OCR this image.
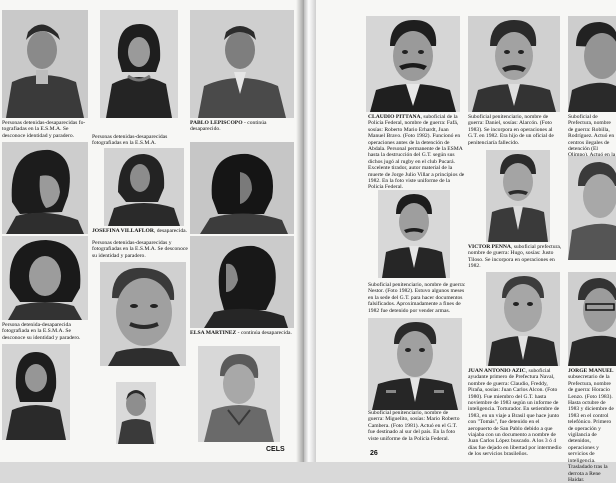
Personas detenidas-desaparecidas fo- tografiadas en la E.S.M.A. Se desconoce identidad y paradero.
PABLO LEPISCOPO - continúa desaparecido.
Personas detenidas-desaparecidas fotografiadas en la E.S.M.A.
JOSEFINA VILLAFLOR, desaparecida.
Personas detenidas-desaparecidas y fotografiadas en la E.S.M.A. Se desconoce su identidad y paradero.
Persona detenida-desaparecida fotografiada en la E.S.M.A. Se desconoce su identidad y paradero.
ELSA MARTINEZ - continúa desaparecida.
CELS
CLAUDIO PITTANA, suboficial de la Policía Federal, nombre de guerra: Fafá, sosías: Roberto Mario Erhardt, Juan Manuel Bravo. (Foto 1982). Funcionó en operaciones antes de la detención de Abdala. Personal permanente de la ESMA hasta la destrucción del G.T. según sus dichos jugó al rugby en el club Pucará. Excelente tirador, autor material de la muerte de Jorge Julio Villar a principios de 1982. En la foto viste uniforme de la Policía Federal.
Suboficial penitenciario, nombre de guerra: Daniel, sosías: Alarcón. (Foto 1983). Se incorpora en operaciones al G.T. en 1982. Era hijo de un oficial de penitenciaría fallecido.
Suboficial de Prefectura, nombre de guerra: Robilla, Rodríguez. Actuó en centros ilegales de detención (El
VICTOR PENNA, suboficial prefectura, nombre de guerra: Hugo, sosías: Justo Tiloso. Se incorpora en operaciones en 1982.
Suboficial penitenciario, nombre de guerra: Nestor. (Foto 1982). Estuvo algunos meses en la sede del G.T. para hacer documentos falsificados. Aproximadamente a fines de 1982 fue detenido por vender armas.
JUAN ANTONIO AZIC, suboficial ayudante primero de Prefectura Naval, nombre de guerra: Claudio, Freddy, Piraña, sosías: Juan Carlos Alcon. (Foto 1980). Fue miembro del G.T. hasta noviembre de 1983 según un informe de inteligencia. Torturador. En setiembre de 1983, en un viaje a Brasil que hace junto con "Tomás", fue detenido en el aeropuerto de San Pablo debido a que viajaba con un documento a nombre de Juan Carlos López buscado. A los 3 ó 4 días fue dejado en libertad por intermedio de los servicios brasileños.
Suboficial penitenciario, nombre de guerra: Miguelito, sosías: Mario Roberto Cambera. (Foto 1981). Actuó en el G.T. fue destinado al sur del país. En la foto viste uniforme de la Policía Federal.
JORGE MANUEL subsecretario de la Prefectura, nombre de guerra: Horacio Lenzo. (Foto 1983). Hasta octubre de 1983 y diciembre de 1983 en el control telefónico. Primero de operación y vigilancia de detenidos, operaciones y servicios de inteligencia. Trasladado tras la derrota a Rene Haidar.
26
